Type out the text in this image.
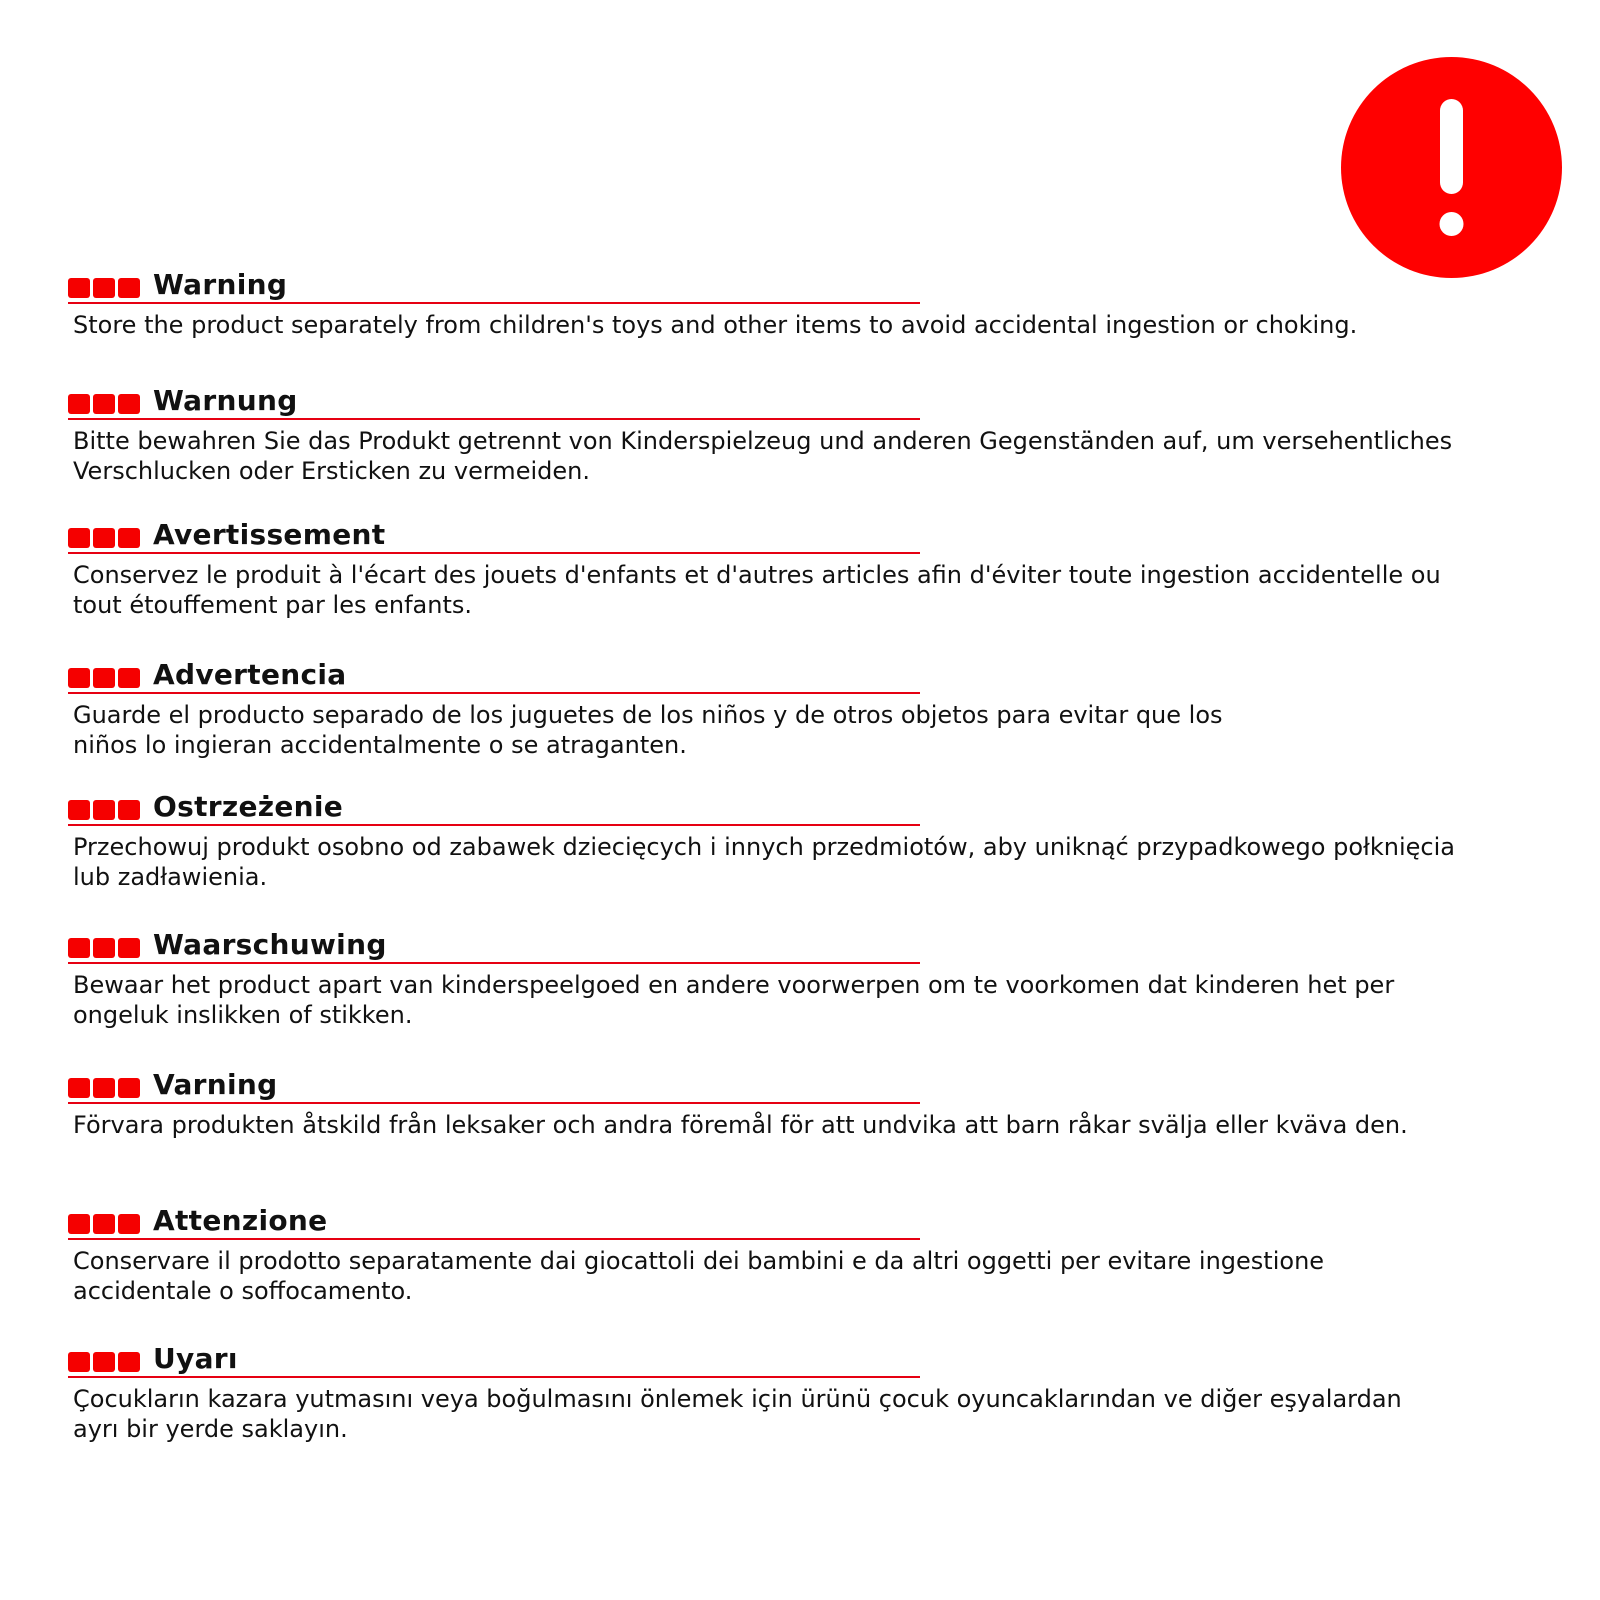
Warning
Store the product separately from children's toys and other items to avoid accidental ingestion or choking.
Warnung
Bitte bewahren Sie das Produkt getrennt von Kinderspielzeug und anderen Gegenständen auf, um versehentliches
Verschlucken oder Ersticken zu vermeiden.
Avertissement
Conservez le produit à l'écart des jouets d'enfants et d'autres articles afin d'éviter toute ingestion accidentelle ou
tout étouffement par les enfants.
Advertencia
Guarde el producto separado de los juguetes de los niños y de otros objetos para evitar que los
niños lo ingieran accidentalmente o se atraganten.
Ostrzeżenie
Przechowuj produkt osobno od zabawek dziecięcych i innych przedmiotów, aby uniknąć przypadkowego połknięcia
lub zadławienia.
Waarschuwing
Bewaar het product apart van kinderspeelgoed en andere voorwerpen om te voorkomen dat kinderen het per
ongeluk inslikken of stikken.
Varning
Förvara produkten åtskild från leksaker och andra föremål för att undvika att barn råkar svälja eller kväva den.
Attenzione
Conservare il prodotto separatamente dai giocattoli dei bambini e da altri oggetti per evitare ingestione
accidentale o soffocamento.
Uyarı
Çocukların kazara yutmasını veya boğulmasını önlemek için ürünü çocuk oyuncaklarından ve diğer eşyalardan
ayrı bir yerde saklayın.
